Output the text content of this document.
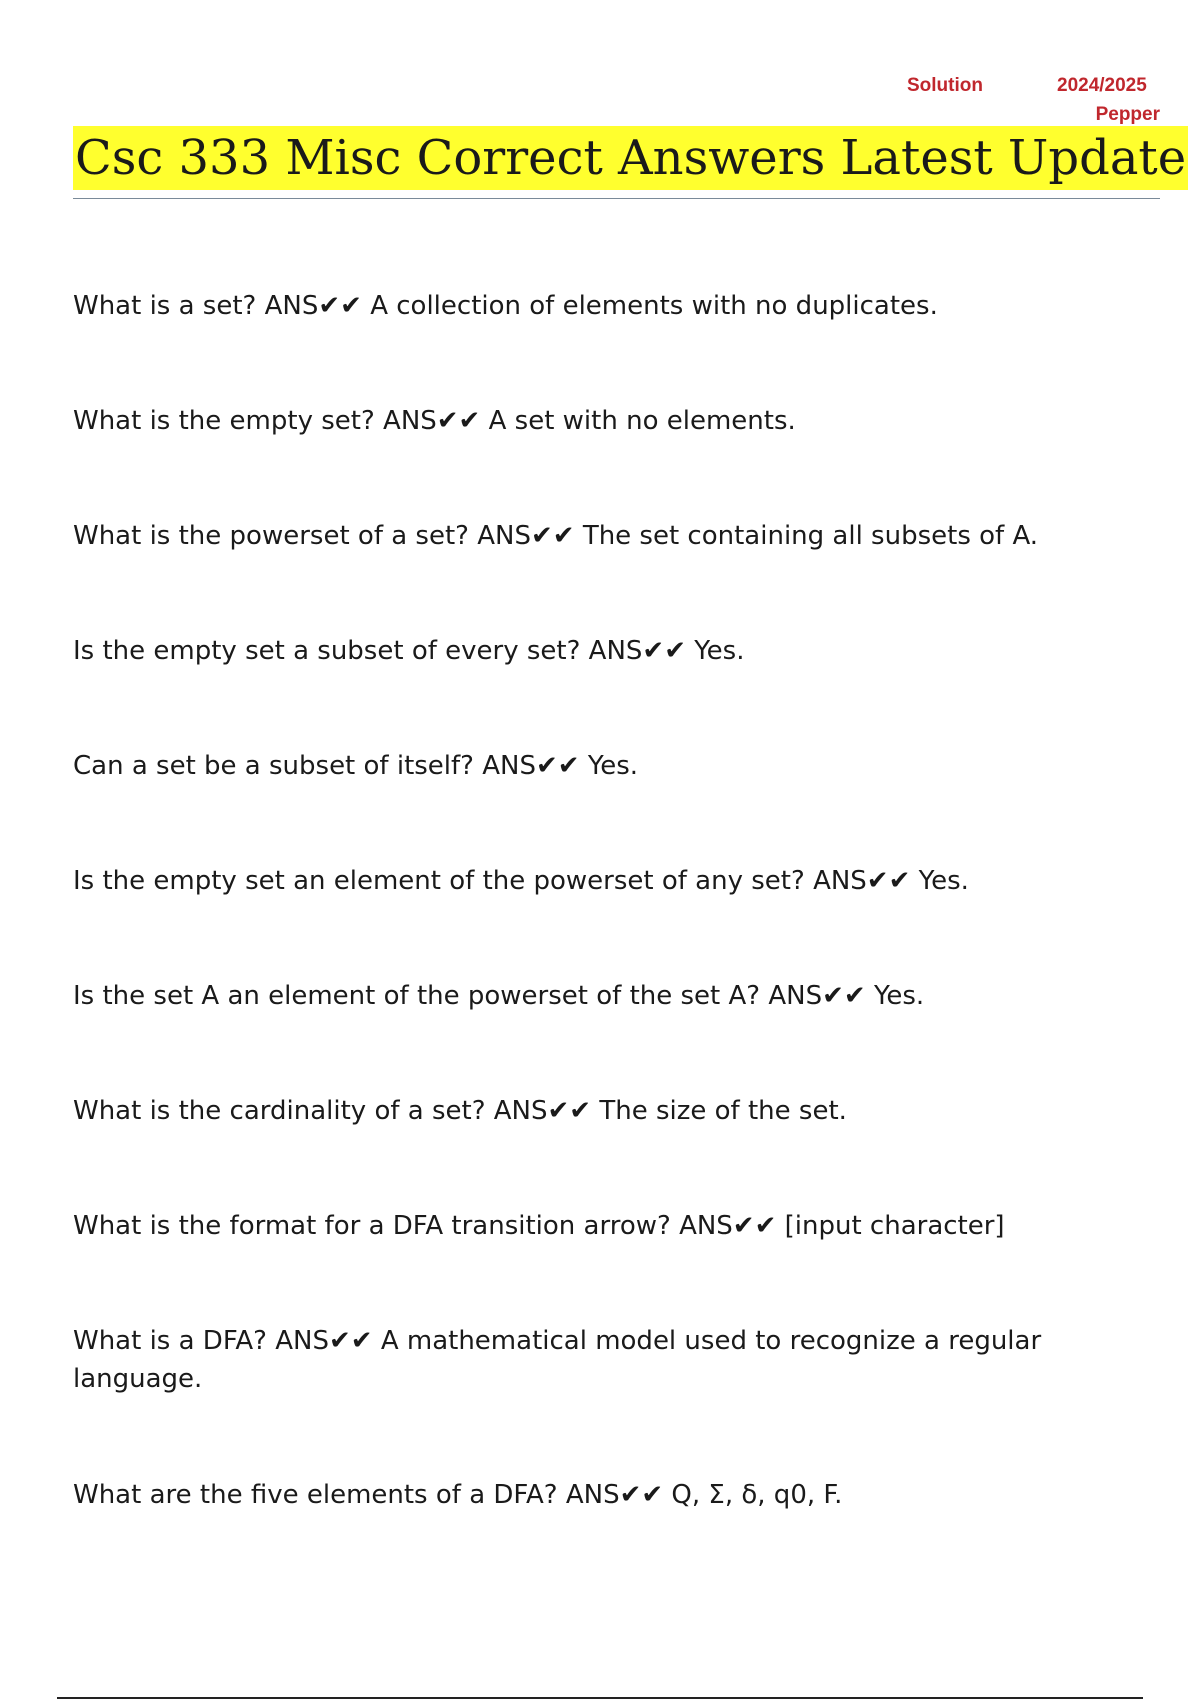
Solution	2024/2025
Pepper
Csc 333 Misc Correct Answers Latest Update
What is a set? ANS✔✔ A collection of elements with no duplicates.
What is the empty set? ANS✔✔ A set with no elements.
What is the powerset of a set? ANS✔✔ The set containing all subsets of A.
Is the empty set a subset of every set? ANS✔✔ Yes.
Can a set be a subset of itself? ANS✔✔ Yes.
Is the empty set an element of the powerset of any set? ANS✔✔ Yes.
Is the set A an element of the powerset of the set A? ANS✔✔ Yes.
What is the cardinality of a set? ANS✔✔ The size of the set.
What is the format for a DFA transition arrow? ANS✔✔ [input character]
What is a DFA? ANS✔✔ A mathematical model used to recognize a regular language.
What are the five elements of a DFA? ANS✔✔ Q, Σ, δ, q0, F.
